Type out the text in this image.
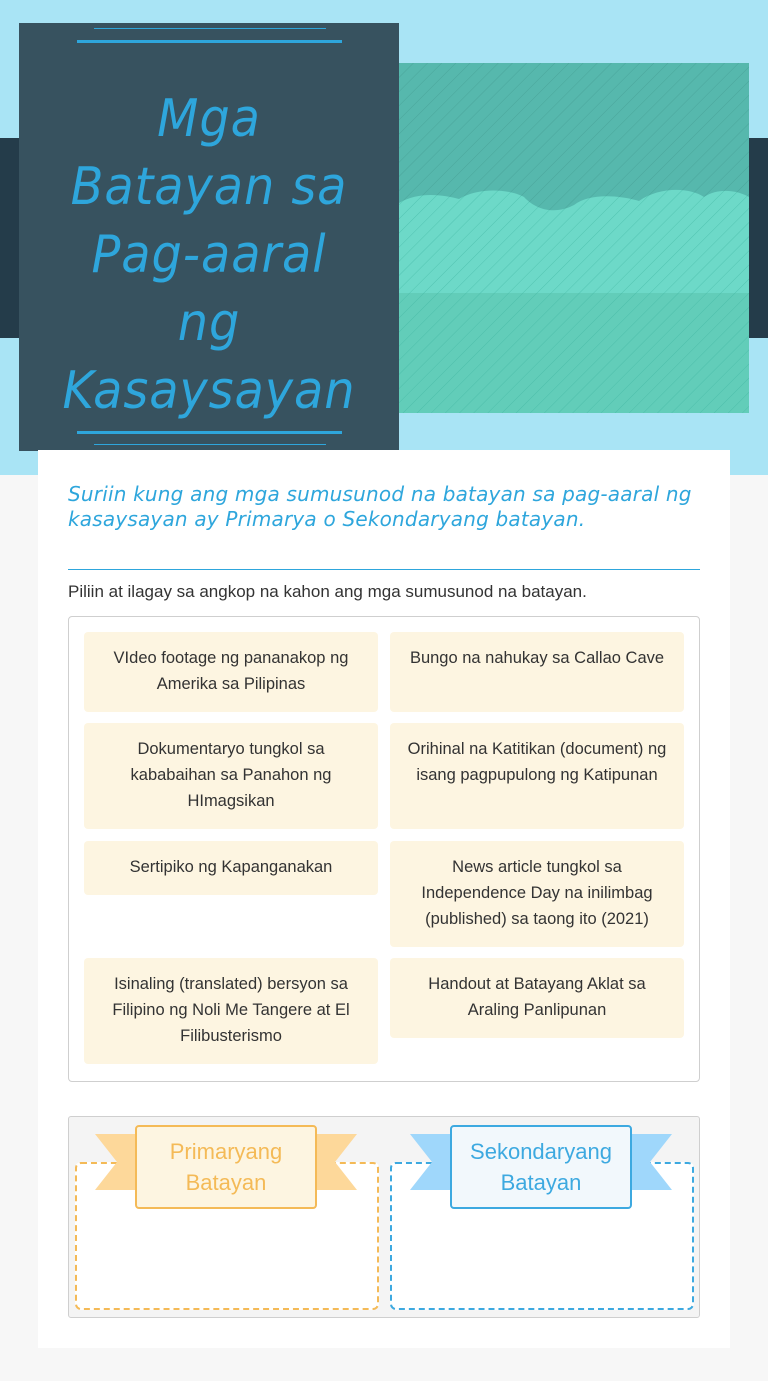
Mga
Batayan sa
Pag-aaral
ng
Kasaysayan
Suriin kung ang mga sumusunod na batayan sa pag-aaral ng kasaysayan ay Primarya o Sekondaryang batayan.
Piliin at ilagay sa angkop na kahon ang mga sumusunod na batayan.
VIdeo footage ng pananakop ng Amerika sa Pilipinas
Bungo na nahukay sa Callao Cave
Dokumentaryo tungkol sa kababaihan sa Panahon ng HImagsikan
Orihinal na Katitikan (document) ng isang pagpupulong ng Katipunan
Sertipiko ng Kapanganakan	News article tungkol sa Independence Day na inilimbag (published) sa taong ito (2021)
Isinaling (translated) bersyon sa Filipino ng Noli Me Tangere at El Filibusterismo
Handout at Batayang Aklat sa Araling Panlipunan
Primaryang Batayan
Sekondaryang Batayan
